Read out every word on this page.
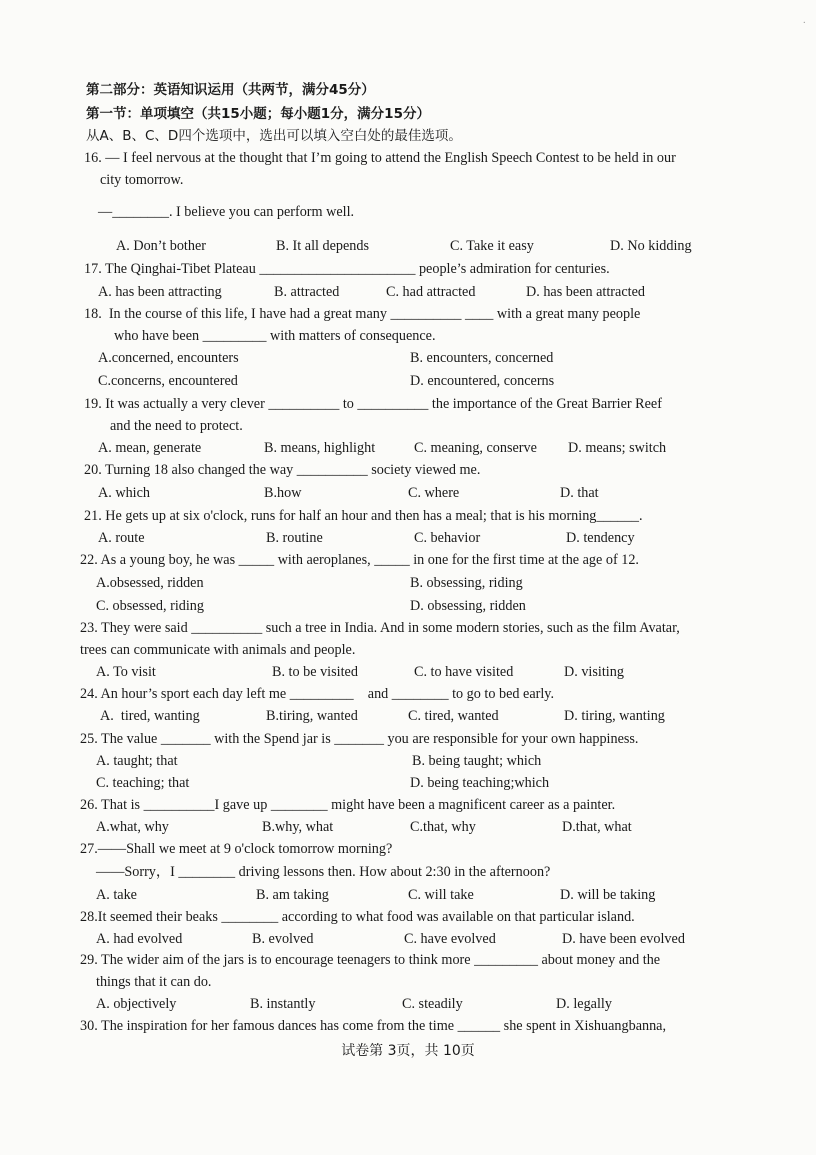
·
第二部分：英语知识运用（共两节，满分45分）
第一节：单项填空（共15小题；每小题1分，满分15分）
从A、B、C、D四个选项中，选出可以填入空白处的最佳选项。
16. — I feel nervous at the thought that I’m going to attend the English Speech Contest to be held in our
city tomorrow.
—________. I believe you can perform well.
A. Don’t bother	B. It all depends	C. Take it easy	D. No kidding
17. The Qinghai-Tibet Plateau ______________________ people’s admiration for centuries.
A. has been attracting	B. attracted	C. had attracted	D. has been attracted
18.  In the course of this life, I have had a great many __________ ____ with a great many people
who have been _________ with matters of consequence.
A.concerned, encounters	B. encounters, concerned
C.concerns, encountered	D. encountered, concerns
19. It was actually a very clever __________ to __________ the importance of the Great Barrier Reef
and the need to protect.
A. mean, generate	B. means, highlight	C. meaning, conserve D. means; switch
20. Turning 18 also changed the way __________ society viewed me.
A. which	B.how	C. where	D. that
21. He gets up at six o'clock, runs for half an hour and then has a meal; that is his morning______.
A. route	B. routine	C. behavior	D. tendency
22. As a young boy, he was _____ with aeroplanes, _____ in one for the first time at the age of 12.
A.obsessed, ridden	B. obsessing, riding
C. obsessed, riding	D. obsessing, ridden
23. They were said __________ such a tree in India. And in some modern stories, such as the film Avatar,
trees can communicate with animals and people.
A. To visit	B. to be visited	C. to have visited	D. visiting
24. An hour’s sport each day left me _________    and ________ to go to bed early.
A.  tired, wanting	B.tiring, wanted	C. tired, wanted	D. tiring, wanting
25. The value _______ with the Spend jar is _______ you are responsible for your own happiness.
A. taught; that	B. being taught; which
C. teaching; that	D. being teaching;which
26. That is __________I gave up ________ might have been a magnificent career as a painter.
A.what, why	B.why, what	C.that, why	D.that, what
27.——Shall we meet at 9 o'clock tomorrow morning?
——Sorry，I ________ driving lessons then. How about 2:30 in the afternoon?
A. take	B. am taking	C. will take	D. will be taking
28.It seemed their beaks ________ according to what food was available on that particular island.
A. had evolved	B. evolved	C. have evolved	D. have been evolved
29. The wider aim of the jars is to encourage teenagers to think more _________ about money and the
things that it can do.
A. objectively	B. instantly	C. steadily	D. legally
30. The inspiration for her famous dances has come from the time ______ she spent in Xishuangbanna,
试卷第 3页，共 10页
